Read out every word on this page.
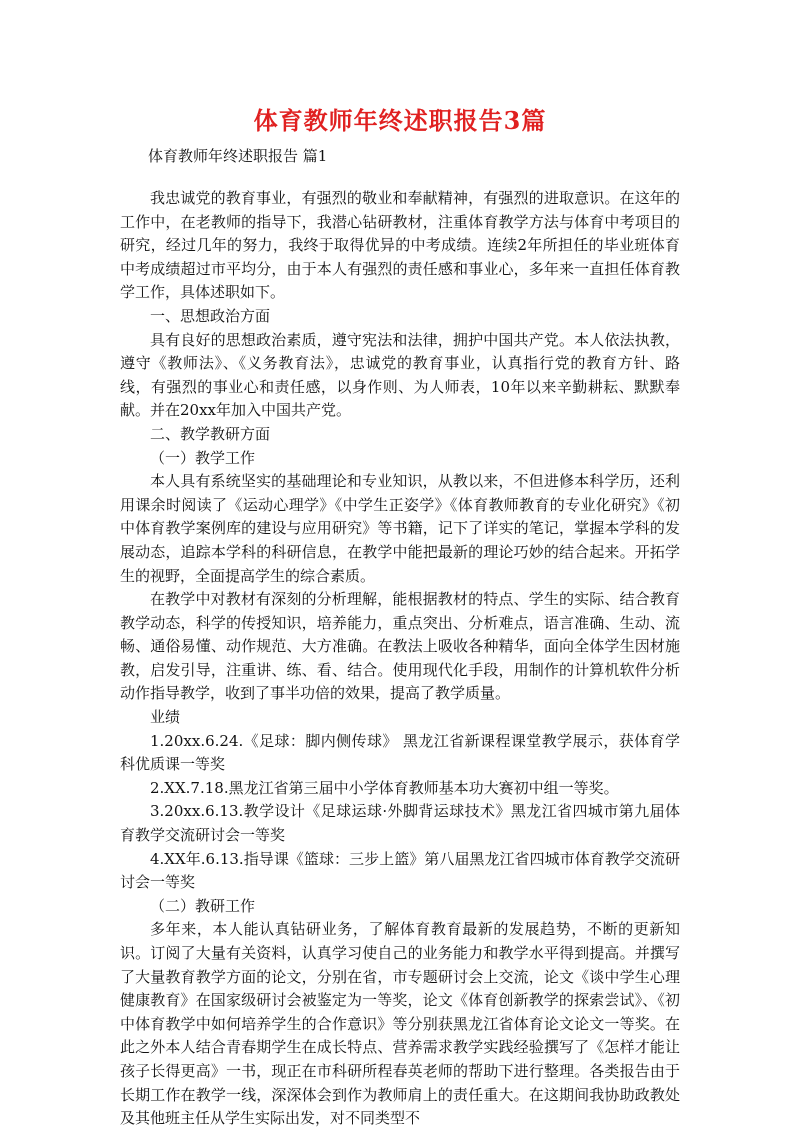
体育教师年终述职报告3篇
体育教师年终述职报告 篇1

我忠诚党的教育事业，有强烈的敬业和奉献精神，有强烈的进取意识。在这年的工作中，在老教师的指导下，我潜心钻研教材，注重体育教学方法与体育中考项目的研究，经过几年的努力，我终于取得优异的中考成绩。连续2年所担任的毕业班体育中考成绩超过市平均分，由于本人有强烈的责任感和事业心，多年来一直担任体育教学工作，具体述职如下。

一、思想政治方面

具有良好的思想政治素质，遵守宪法和法律，拥护中国共产党。本人依法执教，遵守《教师法》、《义务教育法》，忠诚党的教育事业，认真指行党的教育方针、路线，有强烈的事业心和责任感，以身作则、为人师表，10年以来辛勤耕耘、默默奉献。并在20xx年加入中国共产党。

二、教学教研方面

（一）教学工作

本人具有系统坚实的基础理论和专业知识，从教以来，不但进修本科学历，还利用课余时阅读了《运动心理学》《中学生正姿学》《体育教师教育的专业化研究》《初中体育教学案例库的建设与应用研究》等书籍，记下了详实的笔记，掌握本学科的发展动态，追踪本学科的科研信息，在教学中能把最新的理论巧妙的结合起来。开拓学生的视野，全面提高学生的综合素质。

在教学中对教材有深刻的分析理解，能根据教材的特点、学生的实际、结合教育教学动态，科学的传授知识，培养能力，重点突出、分析难点，语言准确、生动、流畅、通俗易懂、动作规范、大方准确。在教法上吸收各种精华，面向全体学生因材施教，启发引导，注重讲、练、看、结合。使用现代化手段，用制作的计算机软件分析动作指导教学，收到了事半功倍的效果，提高了教学质量。

业绩

1.20xx.6.24.《足球：脚内侧传球》 黑龙江省新课程课堂教学展示，获体育学科优质课一等奖

2.XX.7.18.黑龙江省第三届中小学体育教师基本功大赛初中组一等奖。

3.20xx.6.13.教学设计《足球运球·外脚背运球技术》黑龙江省四城市第九届体育教学交流研讨会一等奖

4.XX年.6.13.指导课《篮球：三步上篮》第八届黑龙江省四城市体育教学交流研讨会一等奖

（二）教研工作

多年来，本人能认真钻研业务，了解体育教育最新的发展趋势，不断的更新知识。订阅了大量有关资料，认真学习使自己的业务能力和教学水平得到提高。并撰写了大量教育教学方面的论文，分别在省，市专题研讨会上交流，论文《谈中学生心理健康教育》在国家级研讨会被鉴定为一等奖，论文《体育创新教学的探索尝试》、《初中体育教学中如何培养学生的合作意识》等分别获黑龙江省体育论文论文一等奖。在此之外本人结合青春期学生在成长特点、营养需求教学实践经验撰写了《怎样才能让孩子长得更高》一书，现正在市科研所程春英老师的帮助下进行整理。各类报告由于长期工作在教学一线，深深体会到作为教师肩上的责任重大。在这期间我协助政教处及其他班主任从学生实际出发，对不同类型不
